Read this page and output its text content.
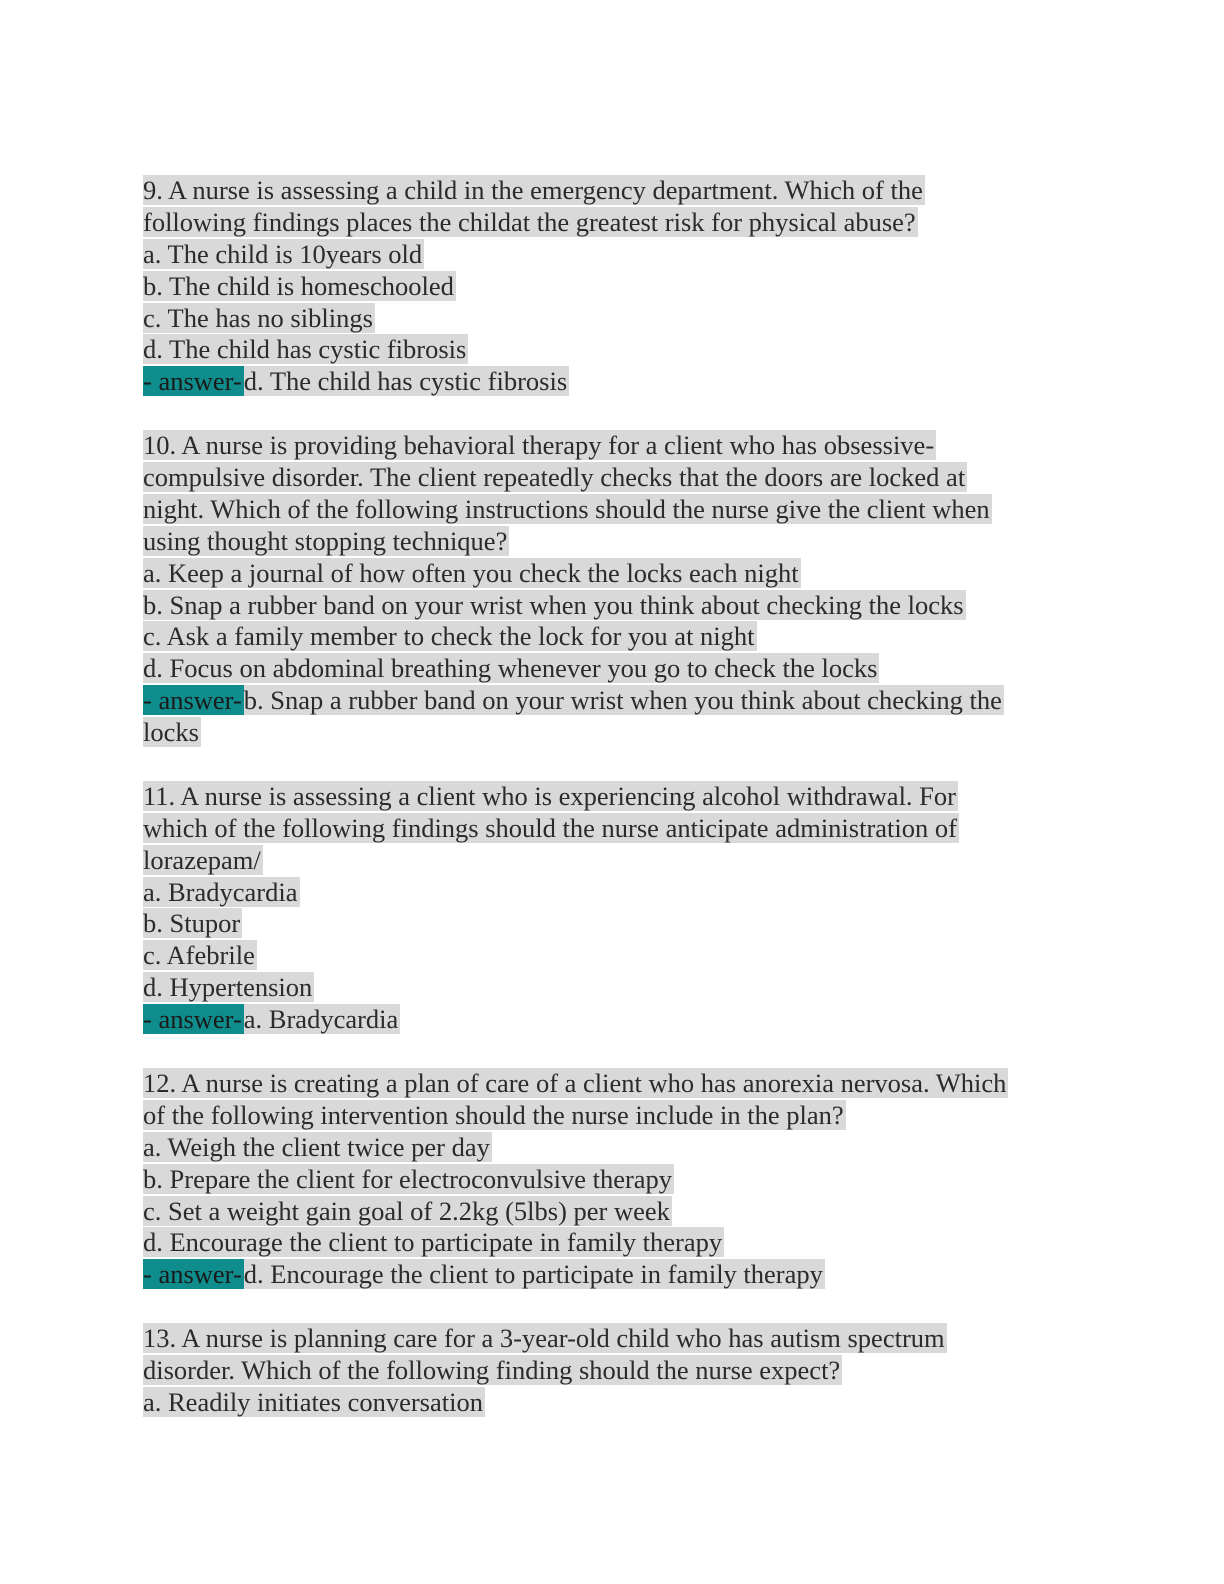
9. A nurse is assessing a child in the emergency department. Which of the
following findings places the childat the greatest risk for physical abuse?
a. The child is 10years old
b. The child is homeschooled
c. The has no siblings
d. The child has cystic fibrosis
- answer-d. The child has cystic fibrosis
10. A nurse is providing behavioral therapy for a client who has obsessive-
compulsive disorder. The client repeatedly checks that the doors are locked at
night. Which of the following instructions should the nurse give the client when
using thought stopping technique?
a. Keep a journal of how often you check the locks each night
b. Snap a rubber band on your wrist when you think about checking the locks
c. Ask a family member to check the lock for you at night
d. Focus on abdominal breathing whenever you go to check the locks
- answer-b. Snap a rubber band on your wrist when you think about checking the
locks
11. A nurse is assessing a client who is experiencing alcohol withdrawal. For
which of the following findings should the nurse anticipate administration of
lorazepam/
a. Bradycardia
b. Stupor
c. Afebrile
d. Hypertension
- answer-a. Bradycardia
12. A nurse is creating a plan of care of a client who has anorexia nervosa. Which
of the following intervention should the nurse include in the plan?
a. Weigh the client twice per day
b. Prepare the client for electroconvulsive therapy
c. Set a weight gain goal of 2.2kg (5lbs) per week
d. Encourage the client to participate in family therapy
- answer-d. Encourage the client to participate in family therapy
13. A nurse is planning care for a 3-year-old child who has autism spectrum
disorder. Which of the following finding should the nurse expect?
a. Readily initiates conversation
